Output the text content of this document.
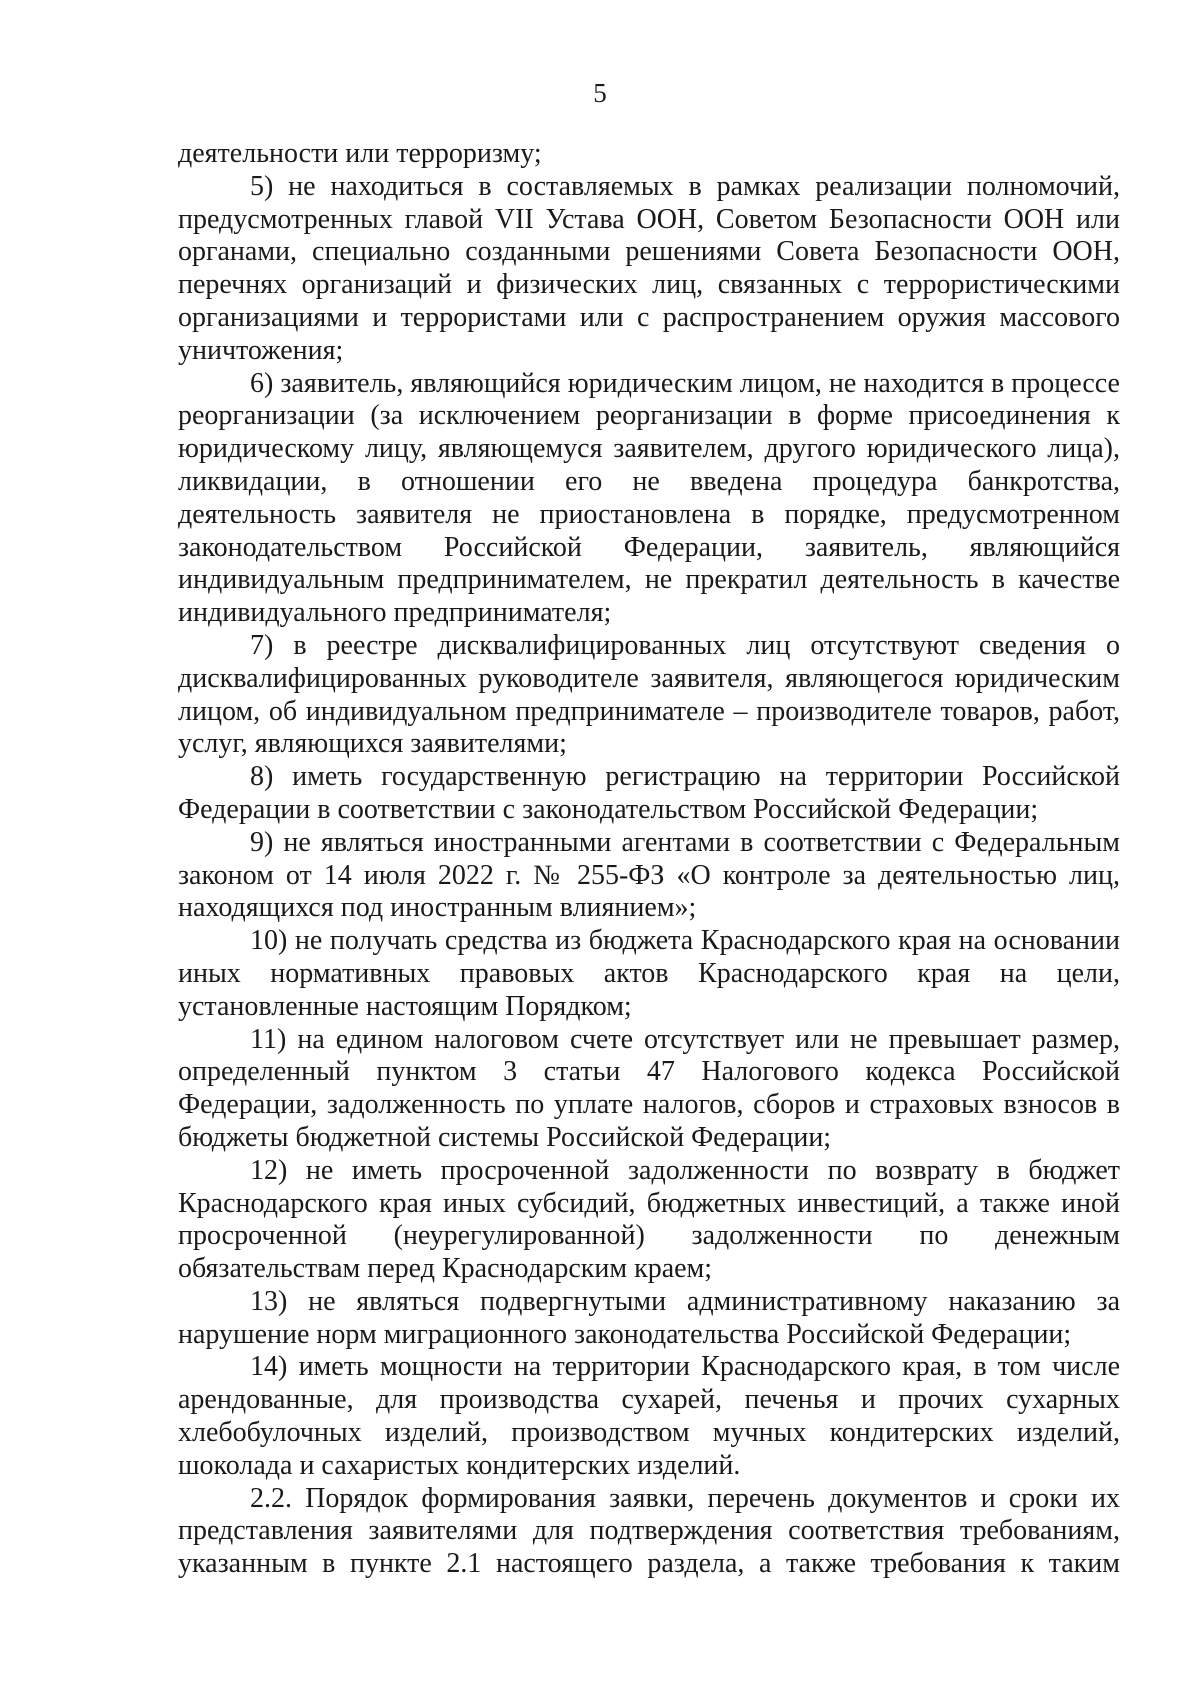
5

деятельности или терроризму;

5) не находиться в составляемых в рамках реализации полномочий, предусмотренных главой VII Устава ООН, Советом Безопасности ООН или органами, специально созданными решениями Совета Безопасности ООН, перечнях организаций и физических лиц, связанных с террористическими организациями и террористами или с распространением оружия массового уничтожения;

6) заявитель, являющийся юридическим лицом, не находится в процессе реорганизации (за исключением реорганизации в форме присоединения к юридическому лицу, являющемуся заявителем, другого юридического лица), ликвидации, в отношении его не введена процедура банкротства, деятельность заявителя не приостановлена в порядке, предусмотренном законодательством Российской Федерации, заявитель, являющийся индивидуальным предпринимателем, не прекратил деятельность в качестве индивидуального предпринимателя;

7) в реестре дисквалифицированных лиц отсутствуют сведения о дисквалифицированных руководителе заявителя, являющегося юридическим лицом, об индивидуальном предпринимателе – производителе товаров, работ, услуг, являющихся заявителями;

8) иметь государственную регистрацию на территории Российской Федерации в соответствии с законодательством Российской Федерации;

9) не являться иностранными агентами в соответствии с Федеральным законом от 14 июля 2022 г. № 255-ФЗ «О контроле за деятельностью лиц, находящихся под иностранным влиянием»;

10) не получать средства из бюджета Краснодарского края на основании иных нормативных правовых актов Краснодарского края на цели, установленные настоящим Порядком;

11) на едином налоговом счете отсутствует или не превышает размер, определенный пунктом 3 статьи 47 Налогового кодекса Российской Федерации, задолженность по уплате налогов, сборов и страховых взносов в бюджеты бюджетной системы Российской Федерации;

12) не иметь просроченной задолженности по возврату в бюджет Краснодарского края иных субсидий, бюджетных инвестиций, а также иной просроченной (неурегулированной) задолженности по денежным обязательствам перед Краснодарским краем;

13) не являться подвергнутыми административному наказанию за нарушение норм миграционного законодательства Российской Федерации;

14) иметь мощности на территории Краснодарского края, в том числе арендованные, для производства сухарей, печенья и прочих сухарных хлебобулочных изделий, производством мучных кондитерских изделий, шоколада и сахаристых кондитерских изделий.

2.2. Порядок формирования заявки, перечень документов и сроки их представления заявителями для подтверждения соответствия требованиям, указанным в пункте 2.1 настоящего раздела, а также требования к таким
